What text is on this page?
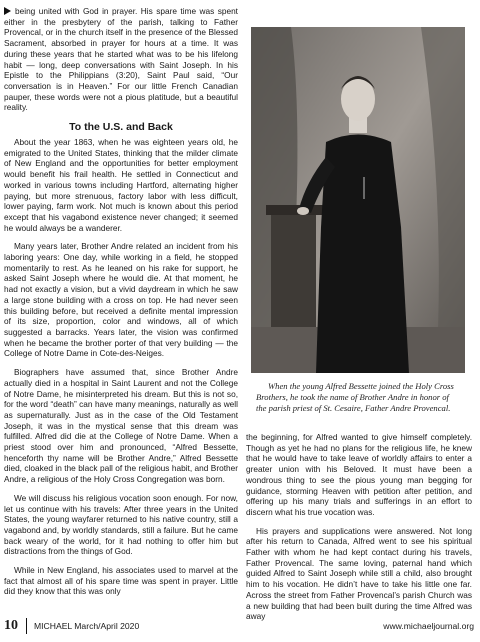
being united with God in prayer. His spare time was spent either in the presbytery of the parish, talking to Father Provencal, or in the church itself in the presence of the Blessed Sacrament, absorbed in prayer for hours at a time. It was during these years that he started what was to be his lifelong habit — long, deep conversations with Saint Joseph. In his Epistle to the Philippians (3:20), Saint Paul said, “Our conversation is in Heaven.” For our little French Canadian pauper, these words were not a pious platitude, but a beautiful reality.

To the U.S. and Back

About the year 1863, when he was eighteen years old, he emigrated to the United States, thinking that the milder climate of New England and the opportunities for better employment would benefit his frail health. He settled in Connecticut and worked in various towns including Hartford, alternating higher paying, but more strenuous, factory labor with less difficult, lower paying, farm work. Not much is known about this period except that his vagabond existence never changed; it seemed he would always be a wanderer.

Many years later, Brother Andre related an incident from his laboring years: One day, while working in a field, he stopped momentarily to rest. As he leaned on his rake for support, he asked Saint Joseph where he would die. At that moment, he had not exactly a vision, but a vivid daydream in which he saw a large stone building with a cross on top. He had never seen this building before, but received a definite mental impression of its size, proportion, color and windows, all of which suggested a barracks. Years later, the vision was confirmed when he became the brother porter of that very building — the College of Notre Dame in Cote-des-Neiges.

Biographers have assumed that, since Brother Andre actually died in a hospital in Saint Laurent and not the College of Notre Dame, he misinterpreted his dream. But this is not so, for the word “death” can have many meanings, naturally as well as supernaturally. Just as in the case of the Old Testament Joseph, it was in the mystical sense that this dream was fulfilled. Alfred did die at the College of Notre Dame. When a priest stood over him and pronounced, “Alfred Bessette, henceforth thy name will be Brother Andre,” Alfred Bessette died, cloaked in the black pall of the religious habit, and Brother Andre, a religious of the Holy Cross Congregation was born.

We will discuss his religious vocation soon enough. For now, let us continue with his travels: After three years in the United States, the young wayfarer returned to his native country, still a vagabond and, by worldly standards, still a failure. But he came back weary of the world, for it had nothing to offer him but distractions from the things of God.

While in New England, his associates used to marvel at the fact that almost all of his spare time was spent in prayer. Little did they know that this was only

When the young Alfred Bessette joined the Holy Cross Brothers, he took the name of Brother Andre in honor of the parish priest of St. Cesaire, Father Andre Provencal.

the beginning, for Alfred wanted to give himself completely. Though as yet he had no plans for the religious life, he knew that he would have to take leave of worldly affairs to enter a greater union with his Beloved. It must have been a wondrous thing to see the pious young man begging for guidance, storming Heaven with petition after petition, and offering up his many trials and sufferings in an effort to discern what his true vocation was.

His prayers and supplications were answered. Not long after his return to Canada, Alfred went to see his spiritual Father with whom he had kept contact during his travels, Father Provencal. The same loving, paternal hand which guided Alfred to Saint Joseph while still a child, also brought him to his vocation. He didn’t have to take his little one far. Across the street from Father Provencal’s parish Church was a new building that had been built during the time Alfred was away

10 MICHAEL March/April 2020	www.michaeljournal.org
